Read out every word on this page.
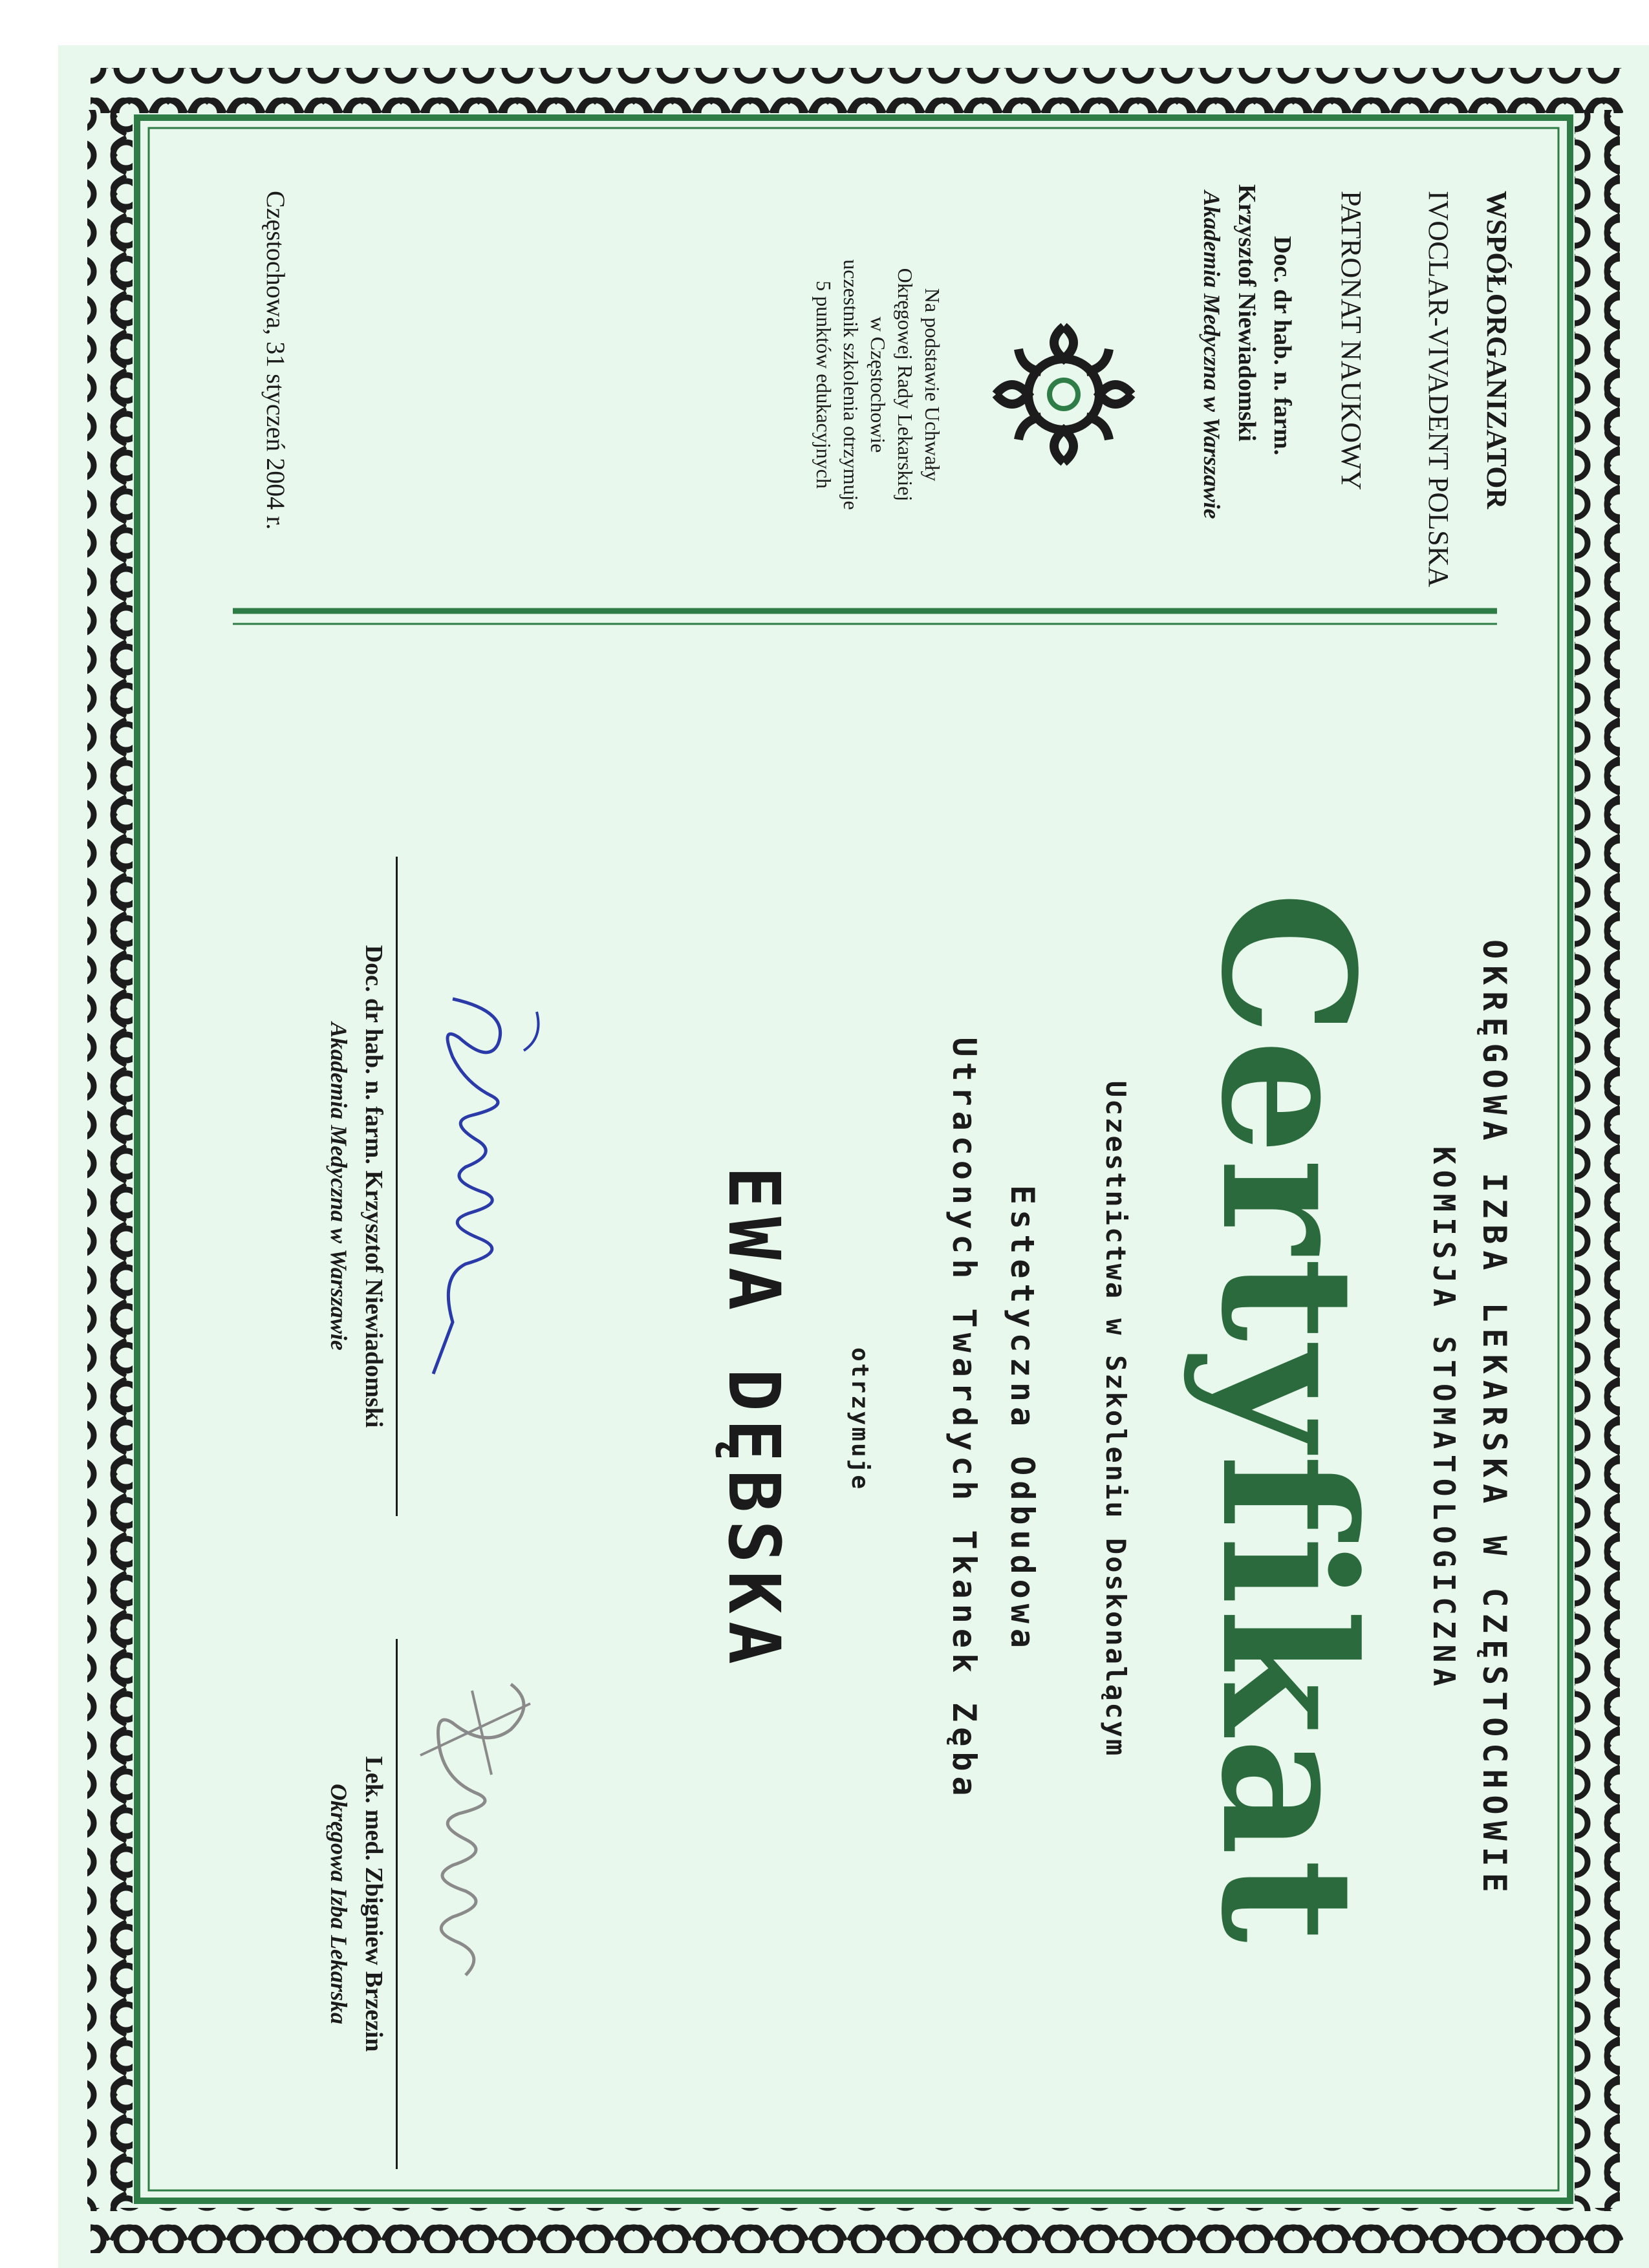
WSPÓŁORGANIZATOR
IVOCLAR-VIVADENT POLSKA
PATRONAT NAUKOWY
Doc. dr hab. n. farm.
Krzysztof Niewiadomski
Akademia Medyczna w Warszawie
Na podstawie Uchwały
Okręgowej Rady Lekarskiej
w Częstochowie
uczestnik szkolenia otrzymuje
5 punktów edukacyjnych
Częstochowa, 31 styczeń 2004 r.
OKRĘGOWA IZBA LEKARSKA W CZĘSTOCHOWIE
KOMISJA STOMATOLOGICZNA
Certyfikat
Uczestnictwa w Szkoleniu Doskonalącym
Estetyczna Odbudowa
Utraconych Twardych Tkanek Zęba
otrzymuje
EWA DĘBSKA
Doc. dr hab. n. farm. Krzysztof Niewiadomski
Akademia Medyczna w Warszawie
Lek. med. Zbigniew Brzezin
Okręgowa Izba Lekarska
